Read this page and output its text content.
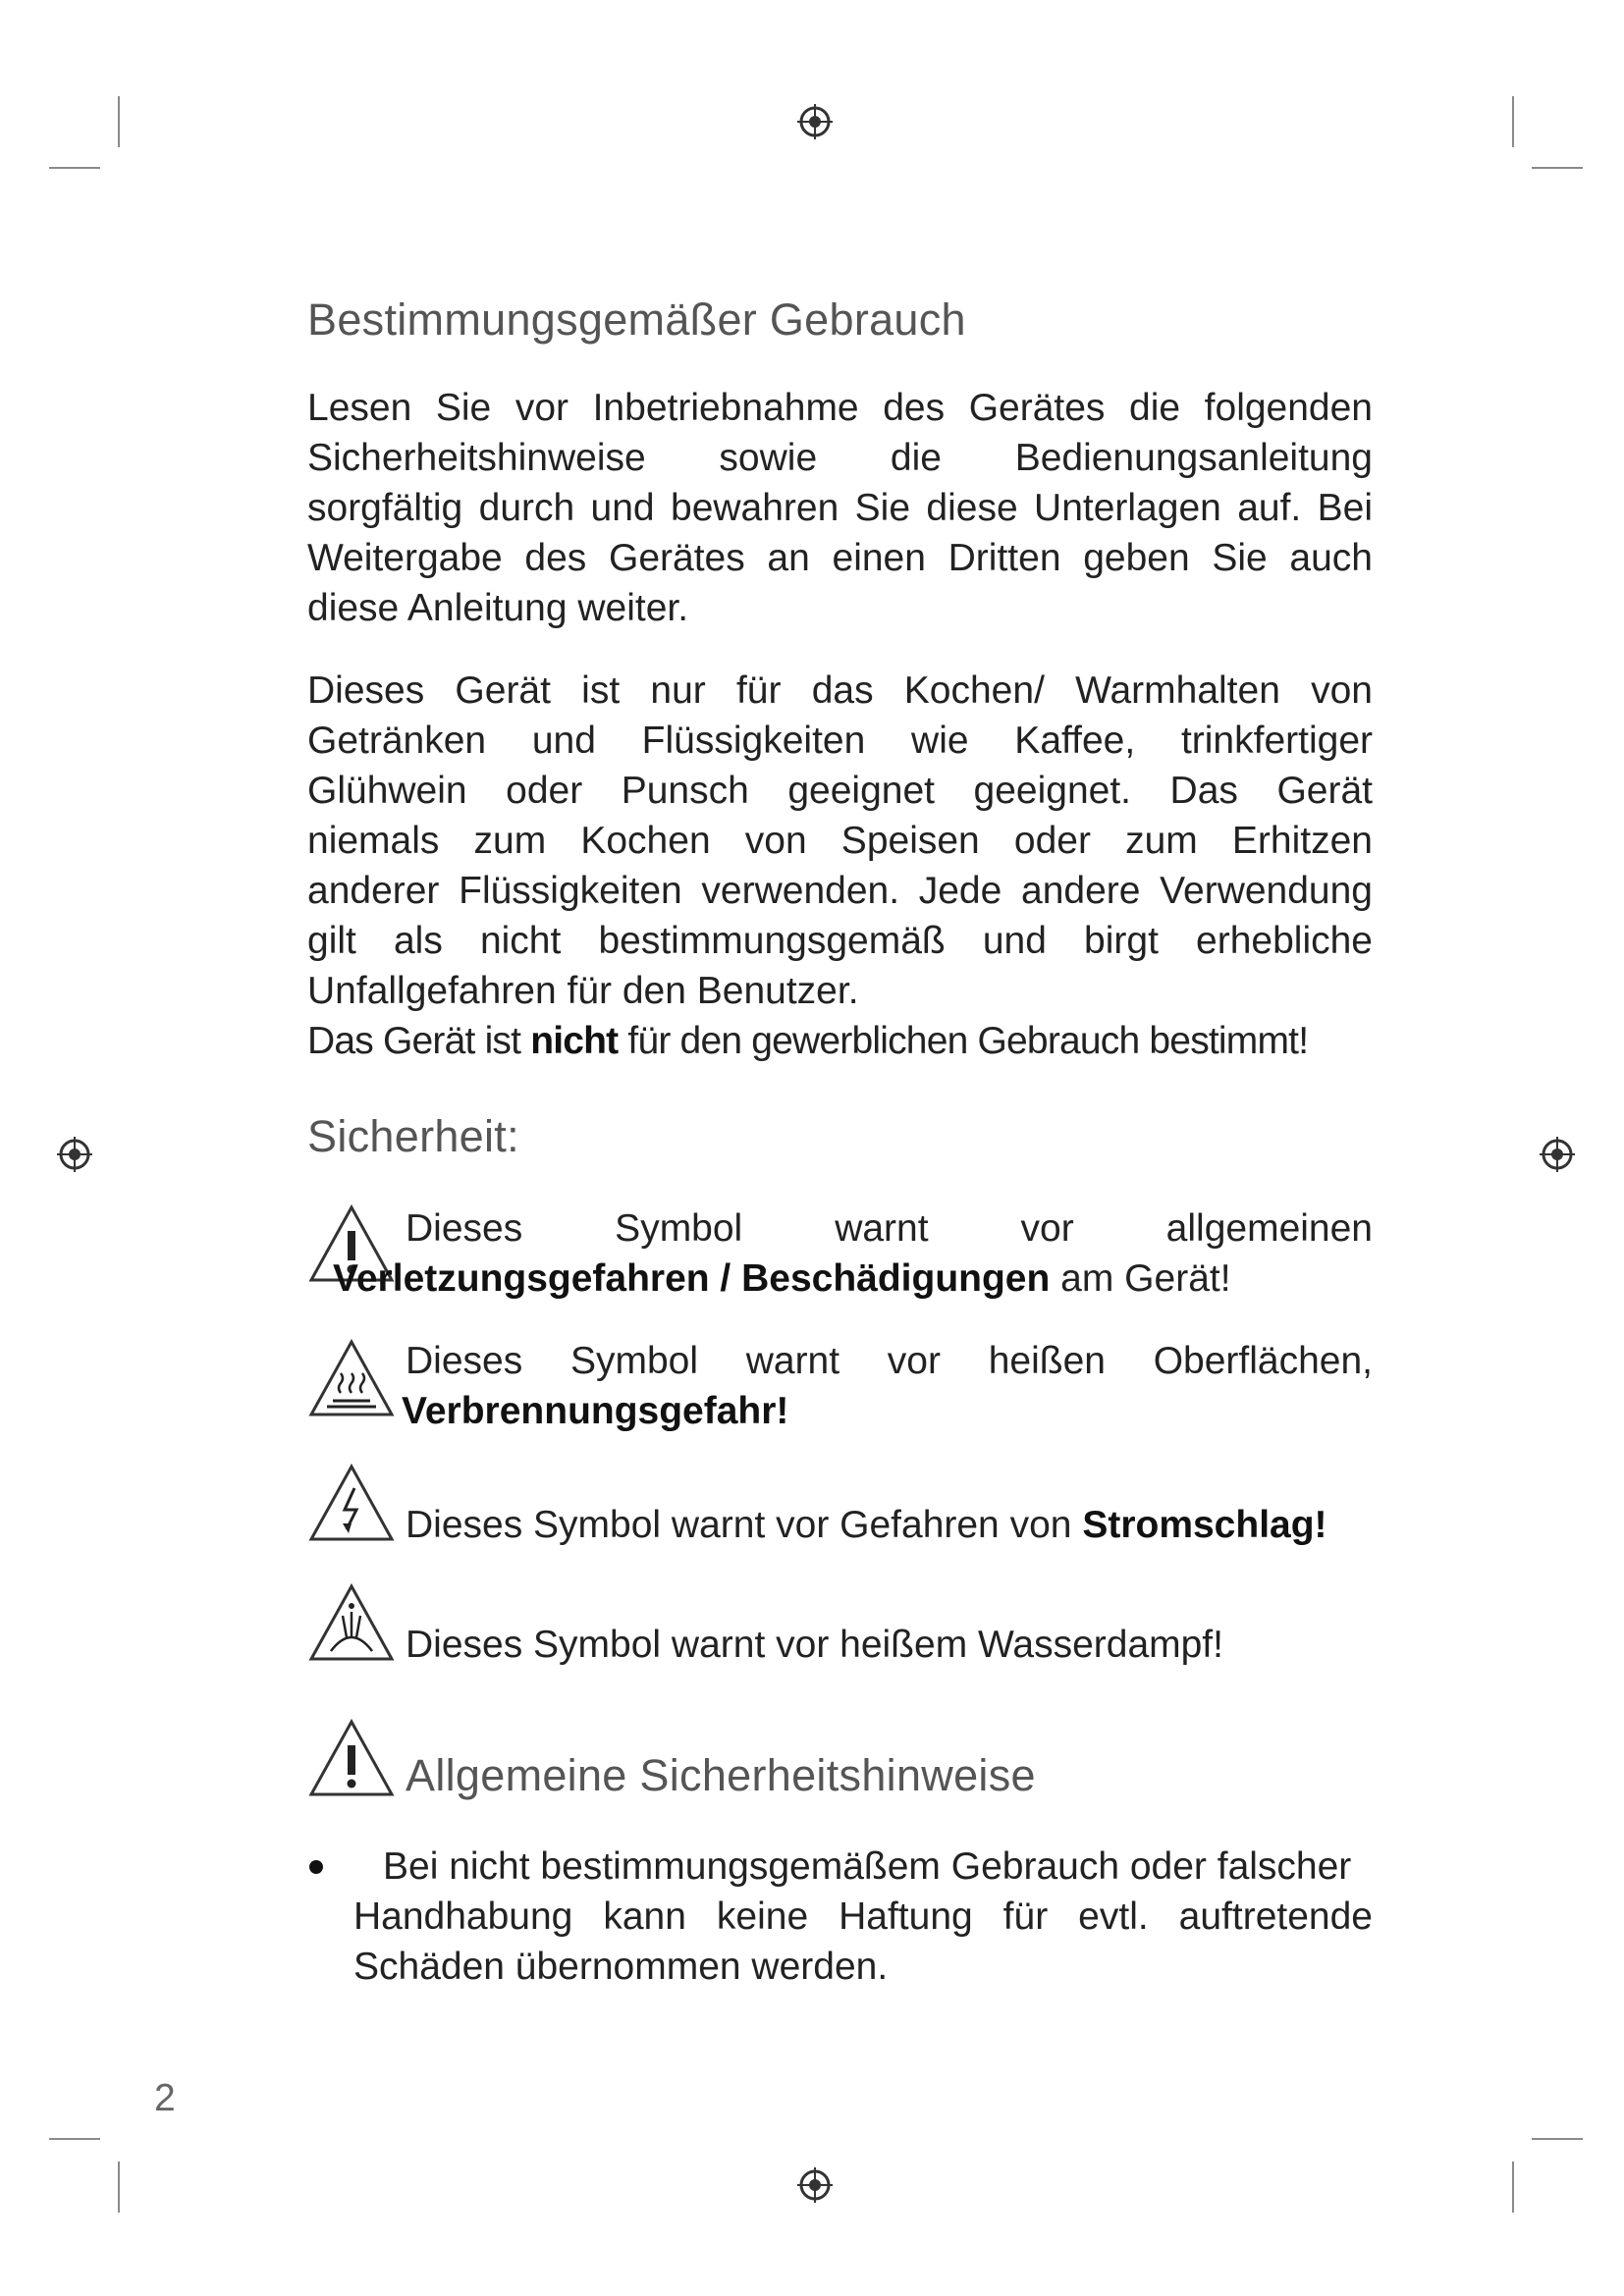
Bestimmungsgemäßer Gebrauch

Lesen Sie vor Inbetriebnahme des Gerätes die folgenden

Sicherheitshinweise sowie die Bedienungsanleitung

sorgfältig durch und bewahren Sie diese Unterlagen auf. Bei

Weitergabe des Gerätes an einen Dritten geben Sie auch

diese Anleitung weiter.

Dieses Gerät ist nur für das Kochen/ Warmhalten von

Getränken und Flüssigkeiten wie Kaffee, trinkfertiger

Glühwein oder Punsch geeignet geeignet. Das Gerät

niemals zum Kochen von Speisen oder zum Erhitzen

anderer Flüssigkeiten verwenden. Jede andere Verwendung

gilt als nicht bestimmungsgemäß und birgt erhebliche

Unfallgefahren für den Benutzer.

Das Gerät ist nicht für den gewerblichen Gebrauch bestimmt!

Sicherheit:
Dieses Symbol warnt vor allgemeinen
Verletzungsgefahren / Beschädigungen am Gerät!
Dieses Symbol warnt vor heißen Oberflächen,
Verbrennungsgefahr!
Dieses Symbol warnt vor Gefahren von Stromschlag!
Dieses Symbol warnt vor heißem Wasserdampf!
Allgemeine Sicherheitshinweise

Bei nicht bestimmungsgemäßem Gebrauch oder falscher

Handhabung kann keine Haftung für evtl. auftretende

Schäden übernommen werden.

2
